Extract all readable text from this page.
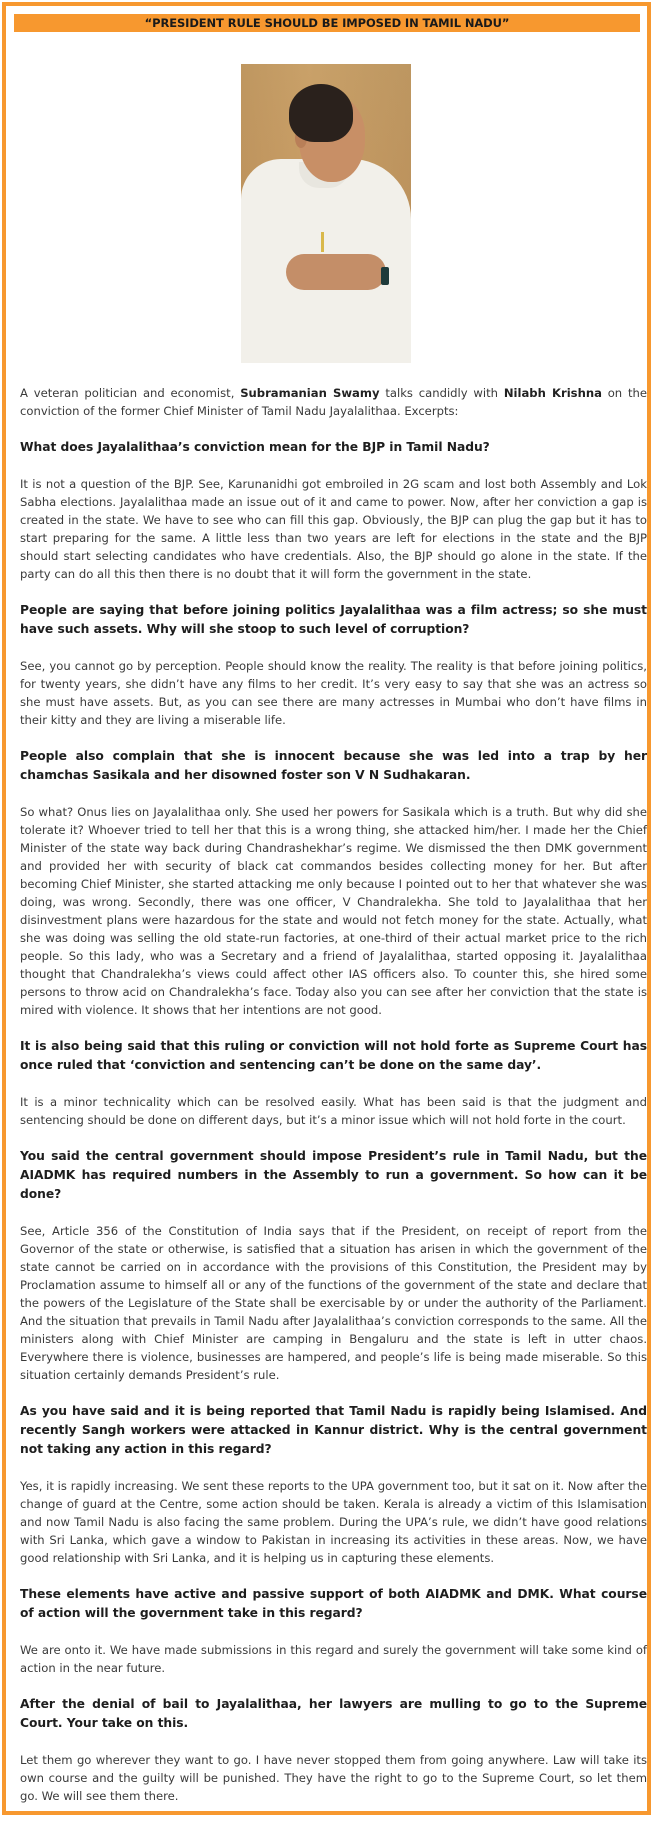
“PRESIDENT RULE SHOULD BE IMPOSED IN TAMIL NADU”

A veteran politician and economist, Subramanian Swamy talks candidly with Nilabh Krishna on the conviction of the former Chief Minister of Tamil Nadu Jayalalithaa. Excerpts:

What does Jayalalithaa’s conviction mean for the BJP in Tamil Nadu?

It is not a question of the BJP. See, Karunanidhi got embroiled in 2G scam and lost both Assembly and Lok Sabha elections. Jayalalithaa made an issue out of it and came to power. Now, after her conviction a gap is created in the state. We have to see who can fill this gap. Obviously, the BJP can plug the gap but it has to start preparing for the same. A little less than two years are left for elections in the state and the BJP should start selecting candidates who have credentials. Also, the BJP should go alone in the state. If the party can do all this then there is no doubt that it will form the government in the state.

People are saying that before joining politics Jayalalithaa was a film actress; so she must have such assets. Why will she stoop to such level of corruption?

See, you cannot go by perception. People should know the reality. The reality is that before joining politics, for twenty years, she didn’t have any films to her credit. It’s very easy to say that she was an actress so she must have assets. But, as you can see there are many actresses in Mumbai who don’t have films in their kitty and they are living a miserable life.

People also complain that she is innocent because she was led into a trap by her chamchas Sasikala and her disowned foster son V N Sudhakaran.

So what? Onus lies on Jayalalithaa only. She used her powers for Sasikala which is a truth. But why did she tolerate it? Whoever tried to tell her that this is a wrong thing, she attacked him/her. I made her the Chief Minister of the state way back during Chandrashekhar’s regime. We dismissed the then DMK government and provided her with security of black cat commandos besides collecting money for her. But after becoming Chief Minister, she started attacking me only because I pointed out to her that whatever she was doing, was wrong. Secondly, there was one officer, V Chandralekha. She told to Jayalalithaa that her disinvestment plans were hazardous for the state and would not fetch money for the state. Actually, what she was doing was selling the old state-run factories, at one-third of their actual market price to the rich people. So this lady, who was a Secretary and a friend of Jayalalithaa, started opposing it. Jayalalithaa thought that Chandralekha’s views could affect other IAS officers also. To counter this, she hired some persons to throw acid on Chandralekha’s face. Today also you can see after her conviction that the state is mired with violence. It shows that her intentions are not good.

It is also being said that this ruling or conviction will not hold forte as Supreme Court has once ruled that ‘conviction and sentencing can’t be done on the same day’.

It is a minor technicality which can be resolved easily. What has been said is that the judgment and sentencing should be done on different days, but it’s a minor issue which will not hold forte in the court.

You said the central government should impose President’s rule in Tamil Nadu, but the AIADMK has required numbers in the Assembly to run a government. So how can it be done?

See, Article 356 of the Constitution of India says that if the President, on receipt of report from the Governor of the state or otherwise, is satisfied that a situation has arisen in which the government of the state cannot be carried on in accordance with the provisions of this Constitution, the President may by Proclamation assume to himself all or any of the functions of the government of the state and declare that the powers of the Legislature of the State shall be exercisable by or under the authority of the Parliament. And the situation that prevails in Tamil Nadu after Jayalalithaa’s conviction corresponds to the same. All the ministers along with Chief Minister are camping in Bengaluru and the state is left in utter chaos. Everywhere there is violence, businesses are hampered, and people’s life is being made miserable. So this situation certainly demands President’s rule.

As you have said and it is being reported that Tamil Nadu is rapidly being Islamised. And recently Sangh workers were attacked in Kannur district. Why is the central government not taking any action in this regard?

Yes, it is rapidly increasing. We sent these reports to the UPA government too, but it sat on it. Now after the change of guard at the Centre, some action should be taken. Kerala is already a victim of this Islamisation and now Tamil Nadu is also facing the same problem. During the UPA’s rule, we didn’t have good relations with Sri Lanka, which gave a window to Pakistan in increasing its activities in these areas. Now, we have good relationship with Sri Lanka, and it is helping us in capturing these elements.

These elements have active and passive support of both AIADMK and DMK. What course of action will the government take in this regard?

We are onto it. We have made submissions in this regard and surely the government will take some kind of action in the near future.

After the denial of bail to Jayalalithaa, her lawyers are mulling to go to the Supreme Court. Your take on this.

Let them go wherever they want to go. I have never stopped them from going anywhere. Law will take its own course and the guilty will be punished. They have the right to go to the Supreme Court, so let them go. We will see them there.
